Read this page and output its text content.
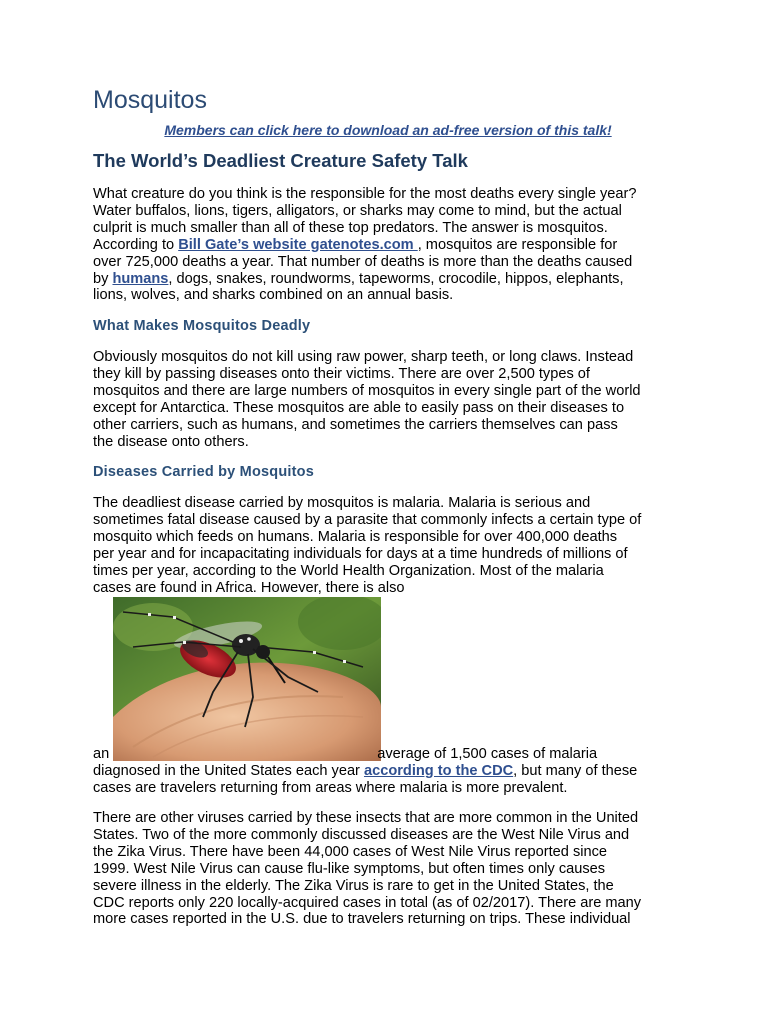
Mosquitos
Members can click here to download an ad-free version of this talk!
The World’s Deadliest Creature Safety Talk

What creature do you think is the responsible for the most deaths every single year?
Water buffalos, lions, tigers, alligators, or sharks may come to mind, but the actual
culprit is much smaller than all of these top predators. The answer is mosquitos.
According to Bill Gate’s website gatenotes.com , mosquitos are responsible for
over 725,000 deaths a year. That number of deaths is more than the deaths caused
by humans, dogs, snakes, roundworms, tapeworms, crocodile, hippos, elephants,
lions, wolves, and sharks combined on an annual basis.

What Makes Mosquitos Deadly

Obviously mosquitos do not kill using raw power, sharp teeth, or long claws. Instead
they kill by passing diseases onto their victims. There are over 2,500 types of
mosquitos and there are large numbers of mosquitos in every single part of the world
except for Antarctica. These mosquitos are able to easily pass on their diseases to
other carriers, such as humans, and sometimes the carriers themselves can pass
the disease onto others.

Diseases Carried by Mosquitos

The deadliest disease carried by mosquitos is malaria. Malaria is serious and
sometimes fatal disease caused by a parasite that commonly infects a certain type of
mosquito which feeds on humans. Malaria is responsible for over 400,000 deaths
per year and for incapacitating individuals for days at a time hundreds of millions of
times per year, according to the World Health Organization. Most of the malaria
cases are found in Africa. However, there is also

an	average of 1,500 cases of malaria
diagnosed in the United States each year according to the CDC, but many of these
cases are travelers returning from areas where malaria is more prevalent.

There are other viruses carried by these insects that are more common in the United
States. Two of the more commonly discussed diseases are the West Nile Virus and
the Zika Virus. There have been 44,000 cases of West Nile Virus reported since
1999. West Nile Virus can cause flu-like symptoms, but often times only causes
severe illness in the elderly. The Zika Virus is rare to get in the United States, the
CDC reports only 220 locally-acquired cases in total (as of 02/2017). There are many
more cases reported in the U.S. due to travelers returning on trips. These individual
